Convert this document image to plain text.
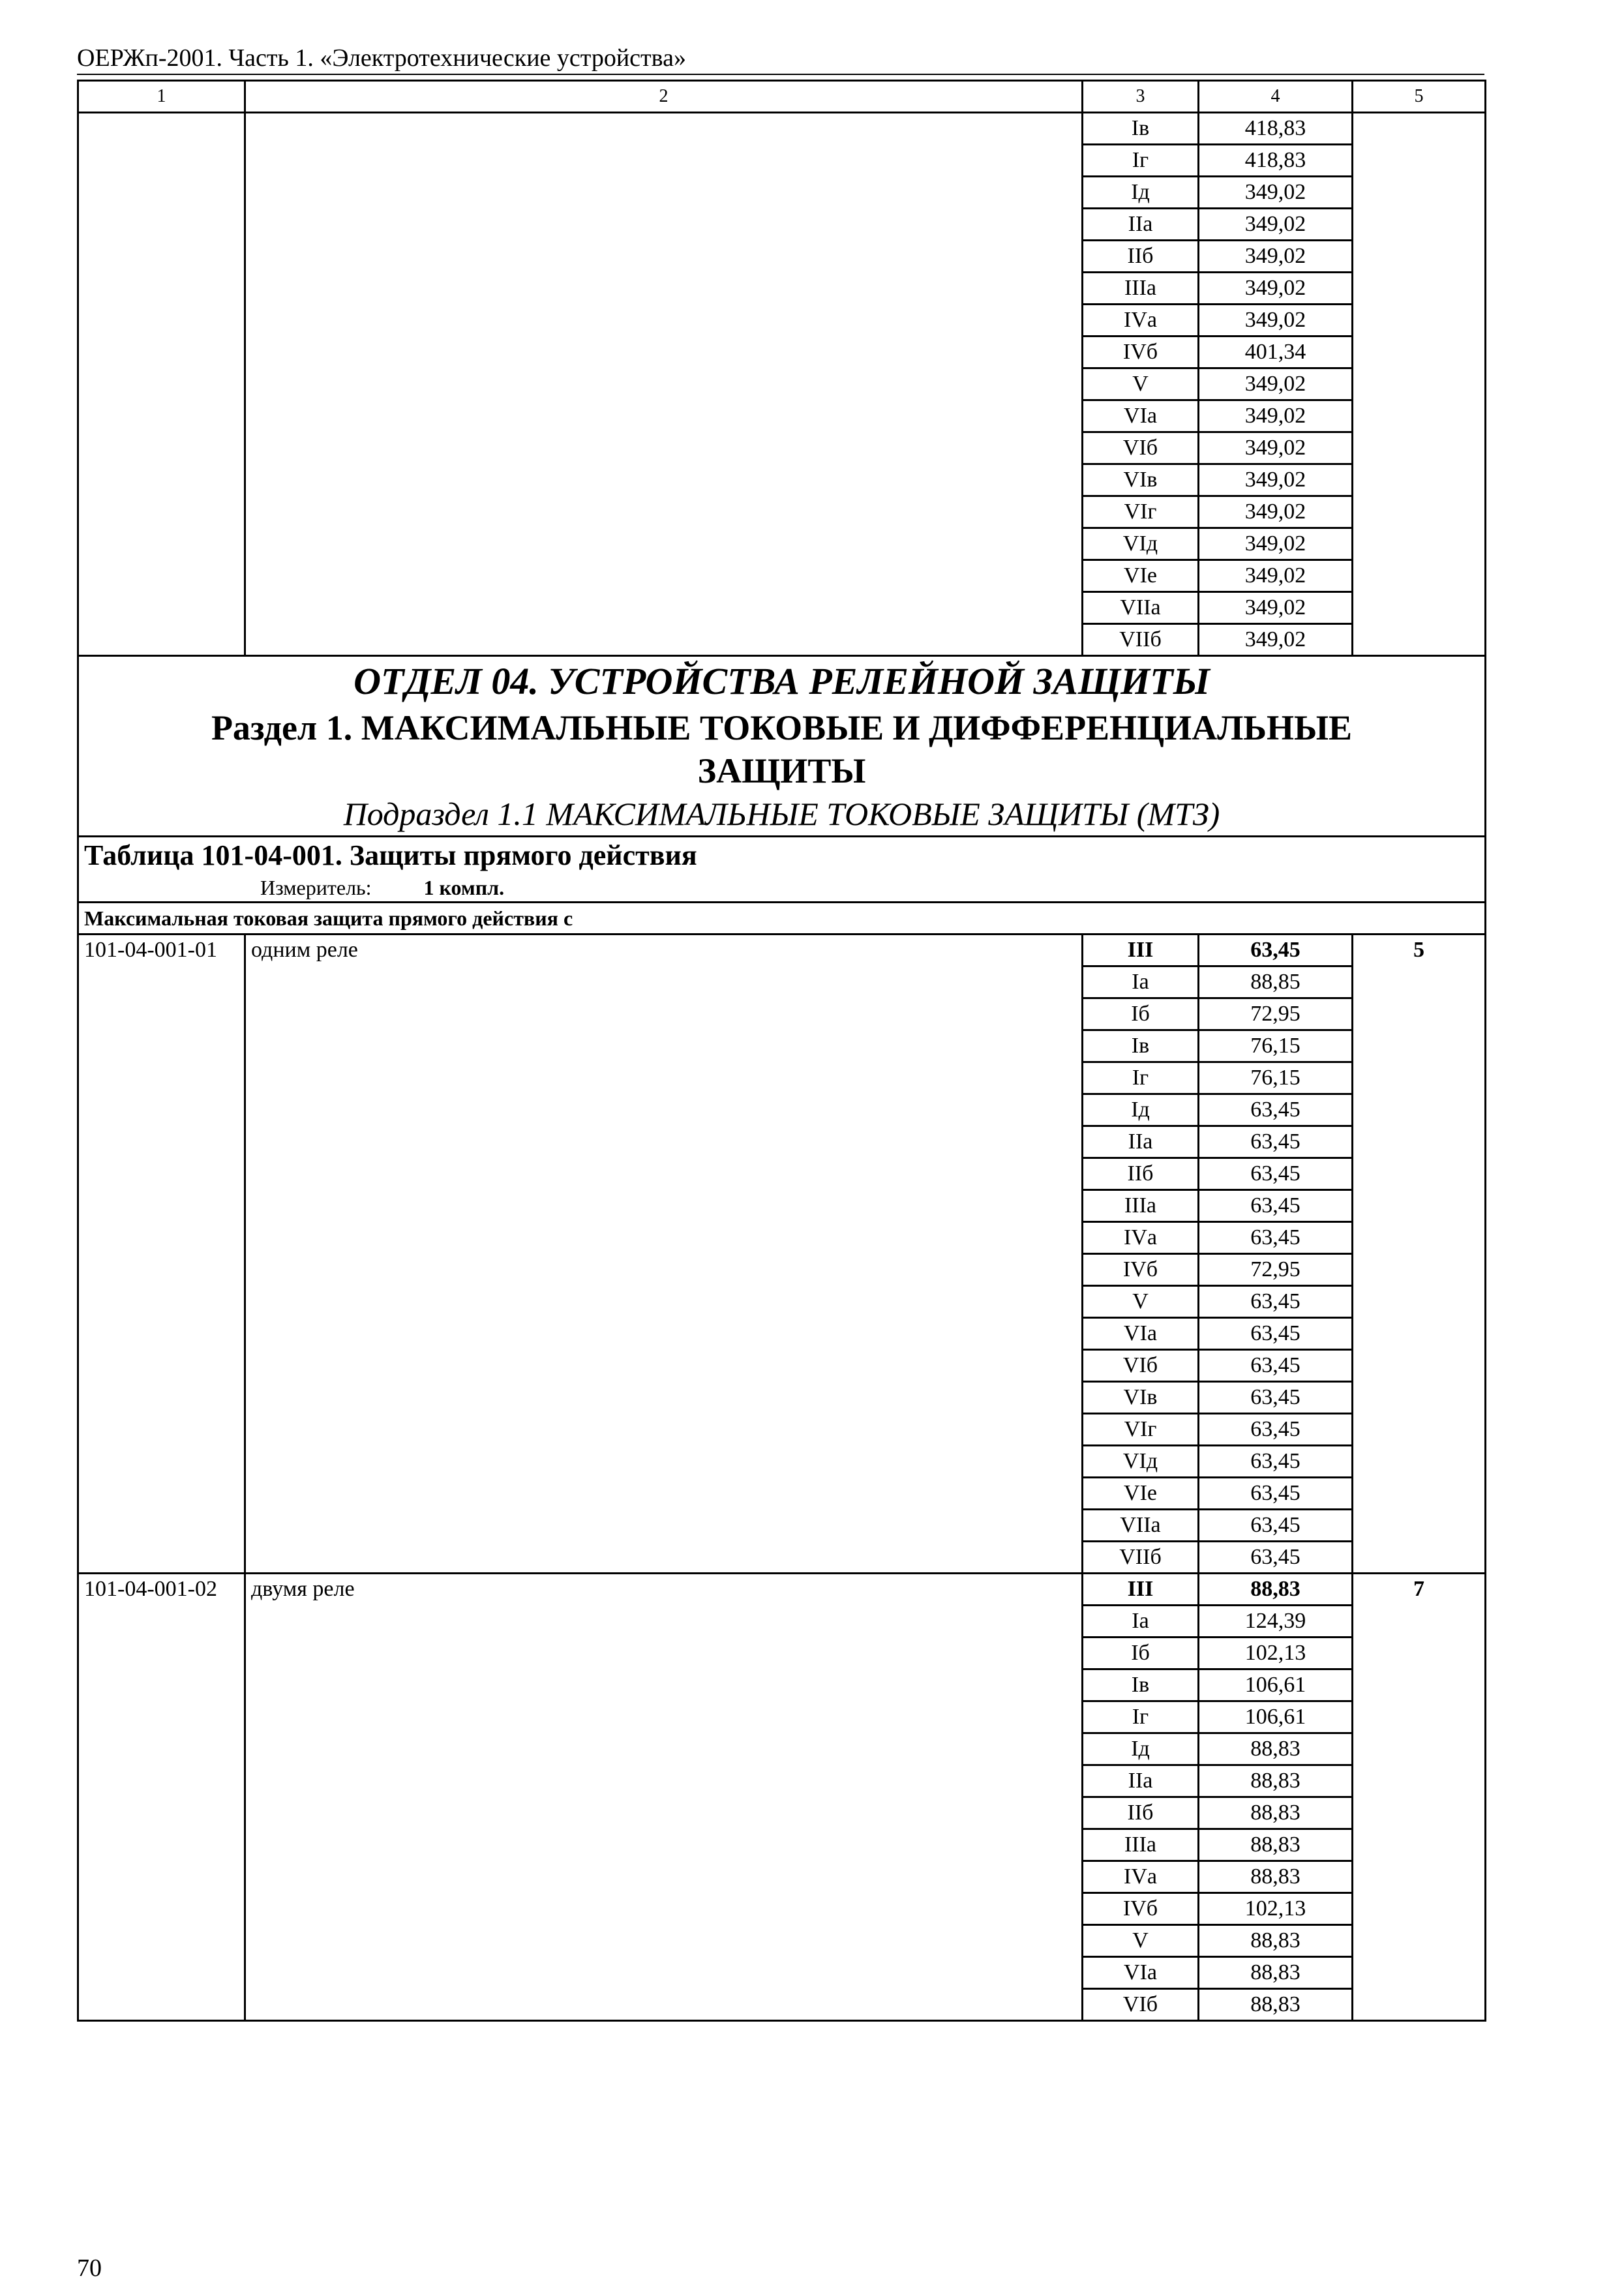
ОЕРЖп-2001. Часть 1. «Электротехнические устройства»
1	2	3	4	5
		Iв	418,83	
		Iг	418,83	
		Iд	349,02	
		IIа	349,02	
		IIб	349,02	
		IIIа	349,02	
		IVа	349,02	
		IVб	401,34	
		V	349,02	
		VIа	349,02	
		VIб	349,02	
		VIв	349,02	
		VIг	349,02	
		VIд	349,02	
		VIе	349,02	
		VIIа	349,02	
		VIIб	349,02	

ОТДЕЛ 04. УСТРОЙСТВА РЕЛЕЙНОЙ ЗАЩИТЫ
Раздел 1. МАКСИМАЛЬНЫЕ ТОКОВЫЕ И ДИФФЕРЕНЦИАЛЬНЫЕ
ЗАЩИТЫ
Подраздел 1.1 МАКСИМАЛЬНЫЕ ТОКОВЫЕ ЗАЩИТЫ (МТЗ)				

Таблица 101-04-001. Защиты прямого действия
Измеритель: 1 компл.				

Максимальная токовая защита прямого действия с				
101-04-001-01	одним реле	III	63,45	5
		Iа	88,85	
		Iб	72,95	
		Iв	76,15	
		Iг	76,15	
		Iд	63,45	
		IIа	63,45	
		IIб	63,45	
		IIIа	63,45	
		IVа	63,45	
		IVб	72,95	
		V	63,45	
		VIа	63,45	
		VIб	63,45	
		VIв	63,45	
		VIг	63,45	
		VIд	63,45	
		VIе	63,45	
		VIIа	63,45	
		VIIб	63,45	
101-04-001-02	двумя реле	III	88,83	7
		Iа	124,39	
		Iб	102,13	
		Iв	106,61	
		Iг	106,61	
		Iд	88,83	
		IIа	88,83	
		IIб	88,83	
		IIIа	88,83	
		IVа	88,83	
		IVб	102,13	
		V	88,83	
		VIа	88,83	
		VIб	88,83	
70
